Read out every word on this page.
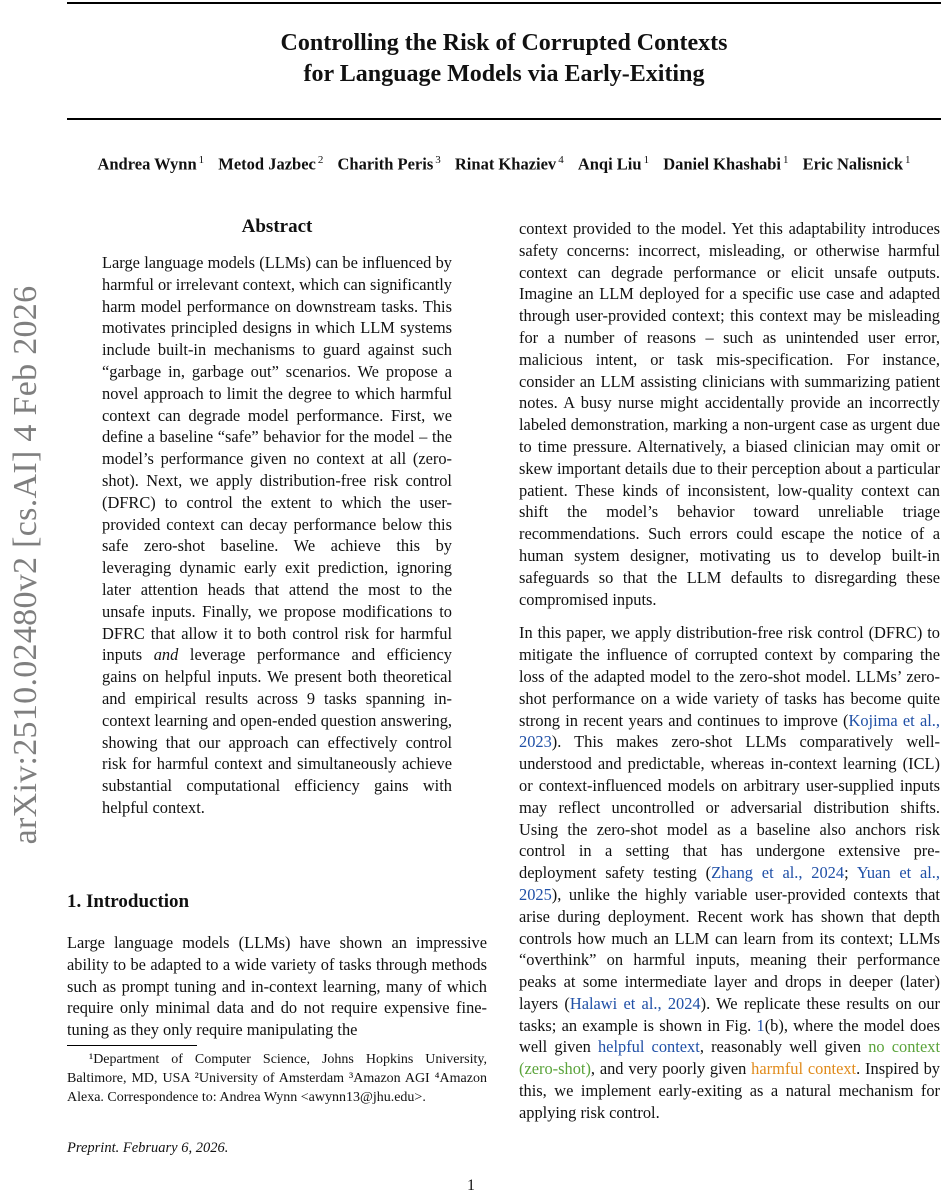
Controlling the Risk of Corrupted Contexts
for Language Models via Early-Exiting
Andrea Wynn $^1$ Metod Jazbec $^2$ Charith Peris $^3$ Rinat Khaziev $^4$ Anqi Liu $^1$ Daniel Khashabi $^1$ Eric Nalisnick $^1$
arXiv:2510.02480v2 [cs.AI] 4 Feb 2026
Abstract

Large language models (LLMs) can be influenced by harmful or irrelevant context, which can significantly harm model performance on downstream tasks. This motivates principled designs in which LLM systems include built-in mechanisms to guard against such “garbage in, garbage out” scenarios. We propose a novel approach to limit the degree to which harmful context can degrade model performance. First, we define a baseline “safe” behavior for the model – the model’s performance given no context at all (zero-shot). Next, we apply distribution-free risk control (DFRC) to control the extent to which the user-provided context can decay performance below this safe zero-shot baseline. We achieve this by leveraging dynamic early exit prediction, ignoring later attention heads that attend the most to the unsafe inputs. Finally, we propose modifications to DFRC that allow it to both control risk for harmful inputs and leverage performance and efficiency gains on helpful inputs. We present both theoretical and empirical results across 9 tasks spanning in-context learning and open-ended question answering, showing that our approach can effectively control risk for harmful context and simultaneously achieve substantial computational efficiency gains with helpful context.

1. Introduction

Large language models (LLMs) have shown an impressive ability to be adapted to a wide variety of tasks through methods such as prompt tuning and in-context learning, many of which require only minimal data and do not require expensive fine-tuning as they only require manipulating the

¹Department of Computer Science, Johns Hopkins University, Baltimore, MD, USA ²University of Amsterdam ³Amazon AGI ⁴Amazon Alexa. Correspondence to: Andrea Wynn <awynn13@jhu.edu>.

Preprint. February 6, 2026.

context provided to the model. Yet this adaptability introduces safety concerns: incorrect, misleading, or otherwise harmful context can degrade performance or elicit unsafe outputs. Imagine an LLM deployed for a specific use case and adapted through user-provided context; this context may be misleading for a number of reasons – such as unintended user error, malicious intent, or task mis-specification. For instance, consider an LLM assisting clinicians with summarizing patient notes. A busy nurse might accidentally provide an incorrectly labeled demonstration, marking a non-urgent case as urgent due to time pressure. Alternatively, a biased clinician may omit or skew important details due to their perception about a particular patient. These kinds of inconsistent, low-quality context can shift the model’s behavior toward unreliable triage recommendations. Such errors could escape the notice of a human system designer, motivating us to develop built-in safeguards so that the LLM defaults to disregarding these compromised inputs.

In this paper, we apply distribution-free risk control (DFRC) to mitigate the influence of corrupted context by comparing the loss of the adapted model to the zero-shot model. LLMs’ zero-shot performance on a wide variety of tasks has become quite strong in recent years and continues to improve (Kojima et al., 2023). This makes zero-shot LLMs comparatively well-understood and predictable, whereas in-context learning (ICL) or context-influenced models on arbitrary user-supplied inputs may reflect uncontrolled or adversarial distribution shifts. Using the zero-shot model as a baseline also anchors risk control in a setting that has undergone extensive pre-deployment safety testing (Zhang et al., 2024; Yuan et al., 2025), unlike the highly variable user-provided contexts that arise during deployment. Recent work has shown that depth controls how much an LLM can learn from its context; LLMs “overthink” on harmful inputs, meaning their performance peaks at some intermediate layer and drops in deeper (later) layers (Halawi et al., 2024). We replicate these results on our tasks; an example is shown in Fig. 1(b), where the model does well given helpful context, reasonably well given no context (zero-shot), and very poorly given harmful context. Inspired by this, we implement early-exiting as a natural mechanism for applying risk control.

1
